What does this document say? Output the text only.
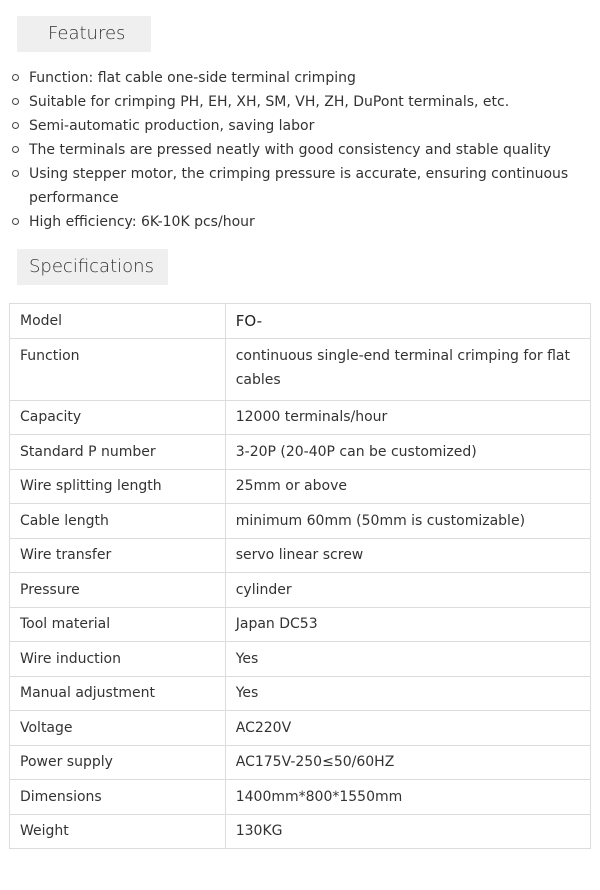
Features
Function: flat cable one-side terminal crimping
Suitable for crimping PH, EH, XH, SM, VH, ZH, DuPont terminals, etc.
Semi-automatic production, saving labor
The terminals are pressed neatly with good consistency and stable quality
Using stepper motor, the crimping pressure is accurate, ensuring continuous performance
High efficiency: 6K-10K pcs/hour
Specifications
Model	FO-
Function	continuous single-end terminal crimping for flat cables
Capacity	12000 terminals/hour
Standard P number	3-20P (20-40P can be customized)
Wire splitting length	25mm or above
Cable length	minimum 60mm (50mm is customizable)
Wire transfer	servo linear screw
Pressure	cylinder
Tool material	Japan DC53
Wire induction	Yes
Manual adjustment	Yes
Voltage	AC220V
Power supply	AC175V-250≤50/60HZ
Dimensions	1400mm*800*1550mm
Weight	130KG
